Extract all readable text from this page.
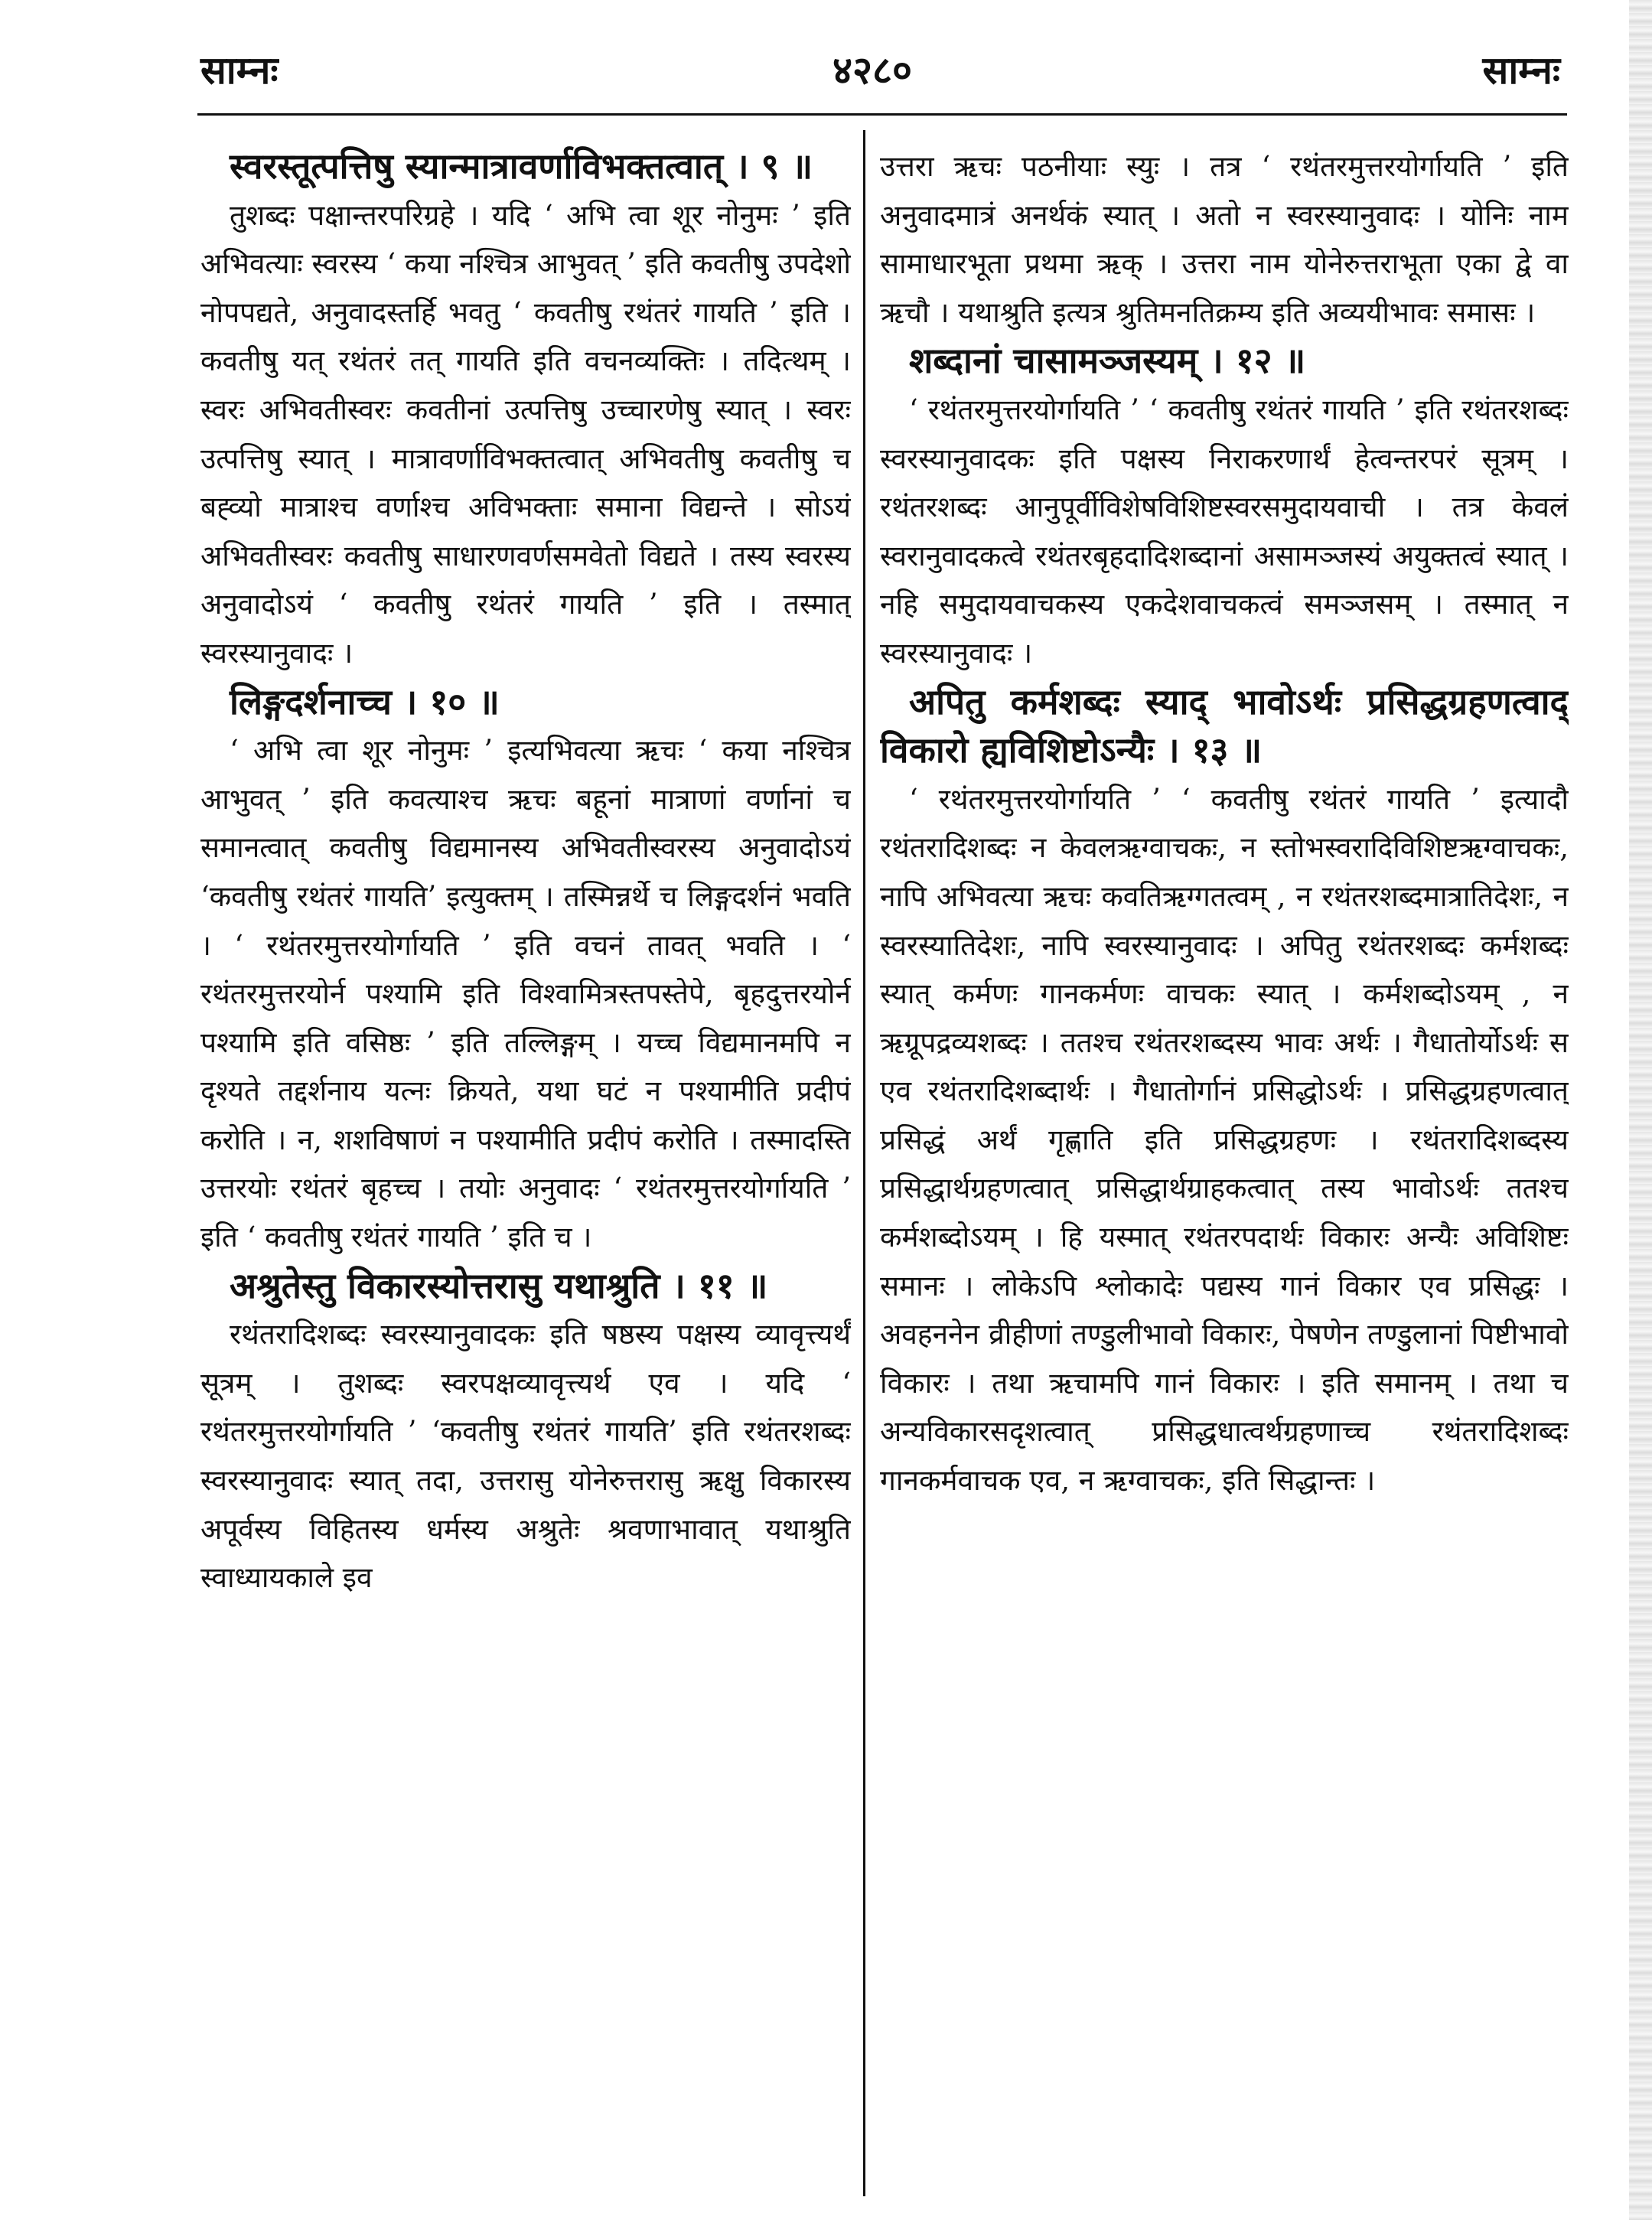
साम्नः	४२८०	साम्नः

स्वरस्तूत्पत्तिषु स्यान्मात्रावर्णाविभक्तत्वात् । ९ ॥

तुशब्दः पक्षान्तरपरिग्रहे । यदि ‘ अभि त्वा शूर नोनुमः ’ इति अभिवत्याः स्वरस्य ‘ कया नश्चित्र आभुवत् ’ इति कवतीषु उपदेशो नोपपद्यते, अनुवादस्तर्हि भवतु ‘ कवतीषु रथंतरं गायति ’ इति । कवतीषु यत् रथंतरं तत् गायति इति वचनव्यक्तिः । तदित्थम् । स्वरः अभिवतीस्वरः कवतीनां उत्पत्तिषु उच्चारणेषु स्यात् । स्वरः उत्पत्तिषु स्यात् । मात्रावर्णाविभक्तत्वात् अभिवतीषु कवतीषु च बह्व्यो मात्राश्च वर्णाश्च अविभक्ताः समाना विद्यन्ते । सोऽयं अभिवतीस्वरः कवतीषु साधारणवर्णसमवेतो विद्यते । तस्य स्वरस्य अनुवादोऽयं ‘ कवतीषु रथंतरं गायति ’ इति । तस्मात् स्वरस्यानुवादः ।

लिङ्गदर्शनाच्च । १० ॥

‘ अभि त्वा शूर नोनुमः ’ इत्यभिवत्या ऋचः ‘ कया नश्चित्र आभुवत् ’ इति कवत्याश्च ऋचः बहूनां मात्राणां वर्णानां च समानत्वात् कवतीषु विद्यमानस्य अभिवतीस्वरस्य अनुवादोऽयं ‘कवतीषु रथंतरं गायति’ इत्युक्तम् । तस्मिन्नर्थे च लिङ्गदर्शनं भवति । ‘ रथंतरमुत्तरयोर्गायति ’ इति वचनं तावत् भवति । ‘ रथंतरमुत्तरयोर्न पश्यामि इति विश्वामित्रस्तपस्तेपे, बृहदुत्तरयोर्न पश्यामि इति वसिष्ठः ’ इति तल्लिङ्गम् । यच्च विद्यमानमपि न दृश्यते तद्दर्शनाय यत्नः क्रियते, यथा घटं न पश्यामीति प्रदीपं करोति । न, शशविषाणं न पश्यामीति प्रदीपं करोति । तस्मादस्ति उत्तरयोः रथंतरं बृहच्च । तयोः अनुवादः ‘ रथंतरमुत्तरयोर्गायति ’ इति ‘ कवतीषु रथंतरं गायति ’ इति च ।

अश्रुतेस्तु विकारस्योत्तरासु यथाश्रुति । ११ ॥

रथंतरादिशब्दः स्वरस्यानुवादकः इति षष्ठस्य पक्षस्य व्यावृत्त्यर्थं सूत्रम् । तुशब्दः स्वरपक्षव्यावृत्त्यर्थ एव । यदि ‘ रथंतरमुत्तरयोर्गायति ’ ‘कवतीषु रथंतरं गायति’ इति रथंतरशब्दः स्वरस्यानुवादः स्यात् तदा, उत्तरासु योनेरुत्तरासु ऋक्षु विकारस्य अपूर्वस्य विहितस्य धर्मस्य अश्रुतेः श्रवणाभावात् यथाश्रुति स्वाध्यायकाले इव

उत्तरा ऋचः पठनीयाः स्युः । तत्र ‘ रथंतरमुत्तरयोर्गायति ’ इति अनुवादमात्रं अनर्थकं स्यात् । अतो न स्वरस्यानुवादः । योनिः नाम सामाधारभूता प्रथमा ऋक् । उत्तरा नाम योनेरुत्तराभूता एका द्वे वा ऋचौ । यथाश्रुति इत्यत्र श्रुतिमनतिक्रम्य इति अव्ययीभावः समासः ।

शब्दानां चासामञ्जस्यम् । १२ ॥

‘ रथंतरमुत्तरयोर्गायति ’ ‘ कवतीषु रथंतरं गायति ’ इति रथंतरशब्दः स्वरस्यानुवादकः इति पक्षस्य निराकरणार्थं हेत्वन्तरपरं सूत्रम् । रथंतरशब्दः आनुपूर्वीविशेषविशिष्टस्वरसमुदायवाची । तत्र केवलं स्वरानुवादकत्वे रथंतरबृहदादिशब्दानां असामञ्जस्यं अयुक्तत्वं स्यात् । नहि समुदायवाचकस्य एकदेशवाचकत्वं समञ्जसम् । तस्मात् न स्वरस्यानुवादः ।

अपितु कर्मशब्दः स्याद् भावोऽर्थः प्रसिद्धग्रहणत्वाद् विकारो ह्यविशिष्टोऽन्यैः । १३ ॥

‘ रथंतरमुत्तरयोर्गायति ’ ‘ कवतीषु रथंतरं गायति ’ इत्यादौ रथंतरादिशब्दः न केवलऋग्वाचकः, न स्तोभस्वरादिविशिष्टऋग्वाचकः, नापि अभिवत्या ऋचः कवतिऋग्गतत्वम् , न रथंतरशब्दमात्रातिदेशः, न स्वरस्यातिदेशः, नापि स्वरस्यानुवादः । अपितु रथंतरशब्दः कर्मशब्दः स्यात् कर्मणः गानकर्मणः वाचकः स्यात् । कर्मशब्दोऽयम् , न ऋग्रूपद्रव्यशब्दः । ततश्च रथंतरशब्दस्य भावः अर्थः । गैधातोर्योऽर्थः स एव रथंतरादिशब्दार्थः । गैधातोर्गानं प्रसिद्धोऽर्थः । प्रसिद्धग्रहणत्वात् प्रसिद्धं अर्थं गृह्णाति इति प्रसिद्धग्रहणः । रथंतरादिशब्दस्य प्रसिद्धार्थग्रहणत्वात् प्रसिद्धार्थग्राहकत्वात् तस्य भावोऽर्थः ततश्च कर्मशब्दोऽयम् । हि यस्मात् रथंतरपदार्थः विकारः अन्यैः अविशिष्टः समानः । लोकेऽपि श्लोकादेः पद्यस्य गानं विकार एव प्रसिद्धः । अवहननेन व्रीहीणां तण्डुलीभावो विकारः, पेषणेन तण्डुलानां पिष्टीभावो विकारः । तथा ऋचामपि गानं विकारः । इति समानम् । तथा च अन्यविकारसदृशत्वात् प्रसिद्धधात्वर्थग्रहणाच्च रथंतरादिशब्दः गानकर्मवाचक एव, न ऋग्वाचकः, इति सिद्धान्तः ।
